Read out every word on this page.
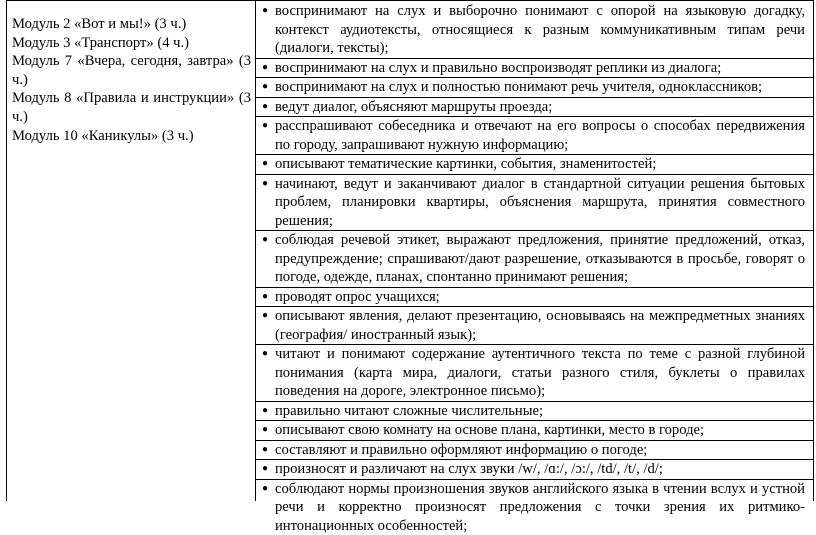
Модуль 2 «Вот и мы!» (3 ч.)

Модуль 3 «Транспорт» (4 ч.)

Модуль 7 «Вчера, сегодня, завтра» (3 ч.)

Модуль 8 «Правила и инструкции» (3 ч.)

Модуль 10 «Каникулы» (3 ч.)

● воспринимают на слух и выборочно понимают с опорой на языковую догадку, контекст аудиотексты, относящиеся к разным коммуникативным типам речи (диалоги, тексты);
● воспринимают на слух и правильно воспроизводят реплики из диалога;
● воспринимают на слух и полностью понимают речь учителя, одноклассников;
● ведут диалог, объясняют маршруты проезда;
● расспрашивают собеседника и отвечают на его вопросы о способах передвижения по городу, запрашивают нужную информацию;
● описывают тематические картинки, события, знаменитостей;
● начинают, ведут и заканчивают диалог в стандартной ситуации решения бытовых проблем, планировки квартиры, объяснения маршрута, принятия совместного решения;
● соблюдая речевой этикет, выражают предложения, принятие предложений, отказ, предупреждение; спрашивают/дают разрешение, отказываются в просьбе, говорят о погоде, одежде, планах, спонтанно принимают решения;
● проводят опрос учащихся;
● описывают явления, делают презентацию, основываясь на межпредметных знаниях (география/ иностранный язык);
● читают и понимают содержание аутентичного текста по теме с разной глубиной понимания (карта мира, диалоги, статьи разного стиля, буклеты о правилах поведения на дороге, электронное письмо);
● правильно читают сложные числительные;
● описывают свою комнату на основе плана, картинки, место в городе;
● составляют и правильно оформляют информацию о погоде;
● произносят и различают на слух звуки /w/, /ɑ:/, /ɔ:/, /td/, /t/, /d/;
● соблюдают нормы произношения звуков английского языка в чтении вслух и устной речи и корректно произносят предложения с точки зрения их ритмико-интонационных особенностей;
